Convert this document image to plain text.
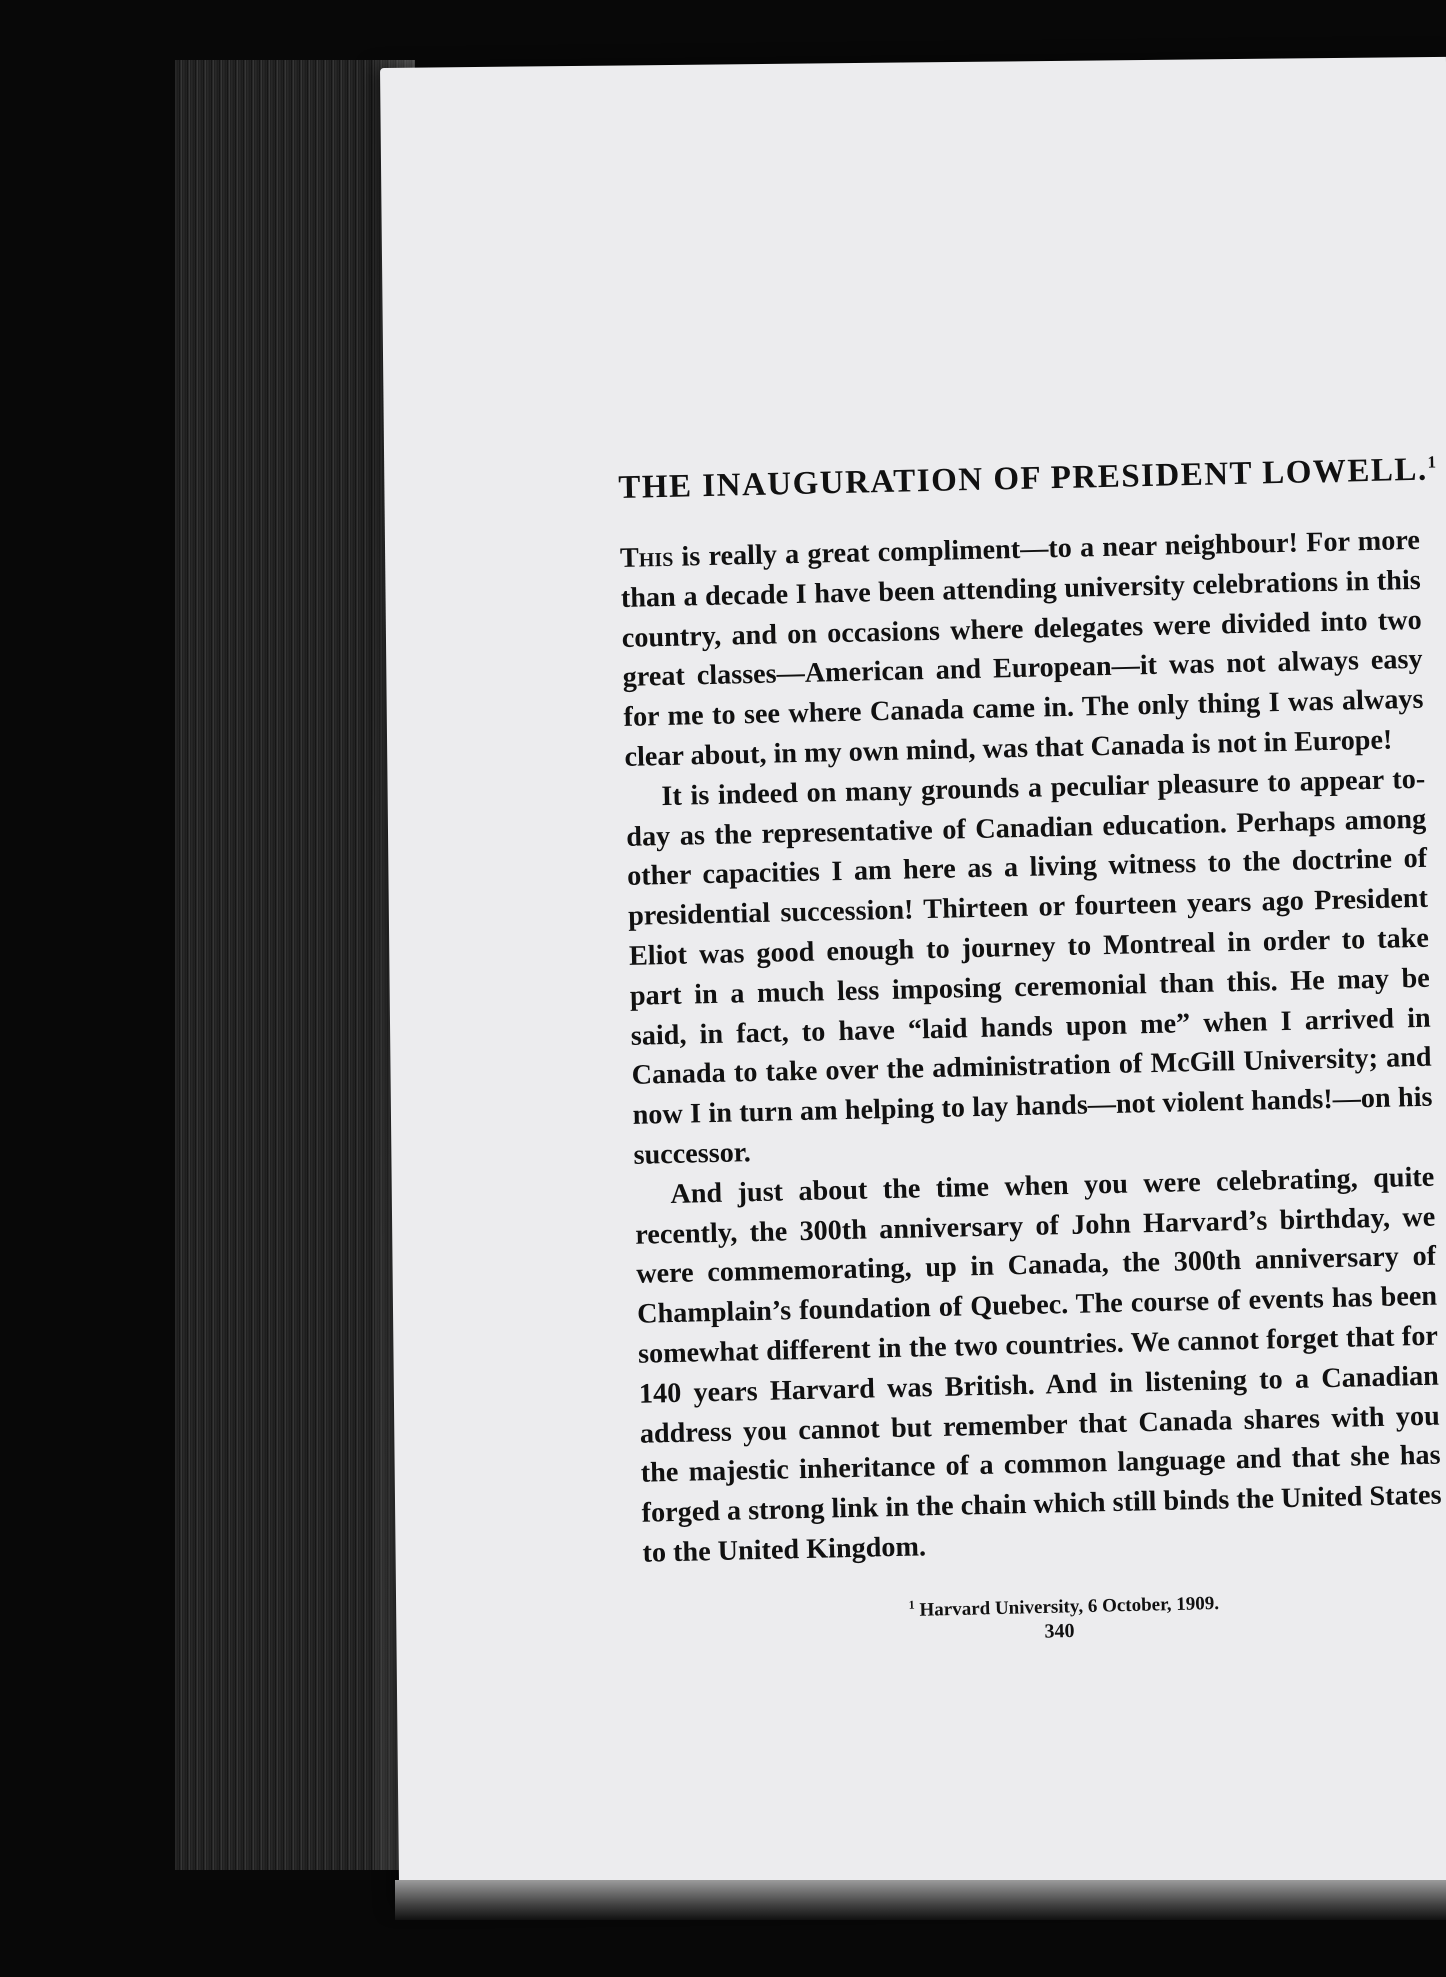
THE INAUGURATION OF PRESIDENT LOWELL.$^1$

This is really a great compliment—to a near neighbour! For more than a decade I have been attending university celebrations in this country, and on occasions where delegates were divided into two great classes—American and European—it was not always easy for me to see where Canada came in. The only thing I was always clear about, in my own mind, was that Canada is not in Europe!

It is indeed on many grounds a peculiar pleasure to appear to-day as the representative of Canadian education. Perhaps among other capacities I am here as a living witness to the doctrine of presidential succession! Thirteen or fourteen years ago President Eliot was good enough to journey to Montreal in order to take part in a much less imposing ceremonial than this. He may be said, in fact, to have “laid hands upon me” when I arrived in Canada to take over the administration of McGill University; and now I in turn am helping to lay hands—not violent hands!—on his successor.

And just about the time when you were celebrating, quite recently, the 300th anniversary of John Harvard’s birthday, we were commemorating, up in Canada, the 300th anniversary of Champlain’s foundation of Quebec. The course of events has been somewhat different in the two countries. We cannot forget that for 140 years Harvard was British. And in listening to a Canadian address you cannot but remember that Canada shares with you the majestic inheritance of a common language and that she has forged a strong link in the chain which still binds the United States to the United Kingdom.

$^1$ Harvard University, 6 October, 1909.

340
